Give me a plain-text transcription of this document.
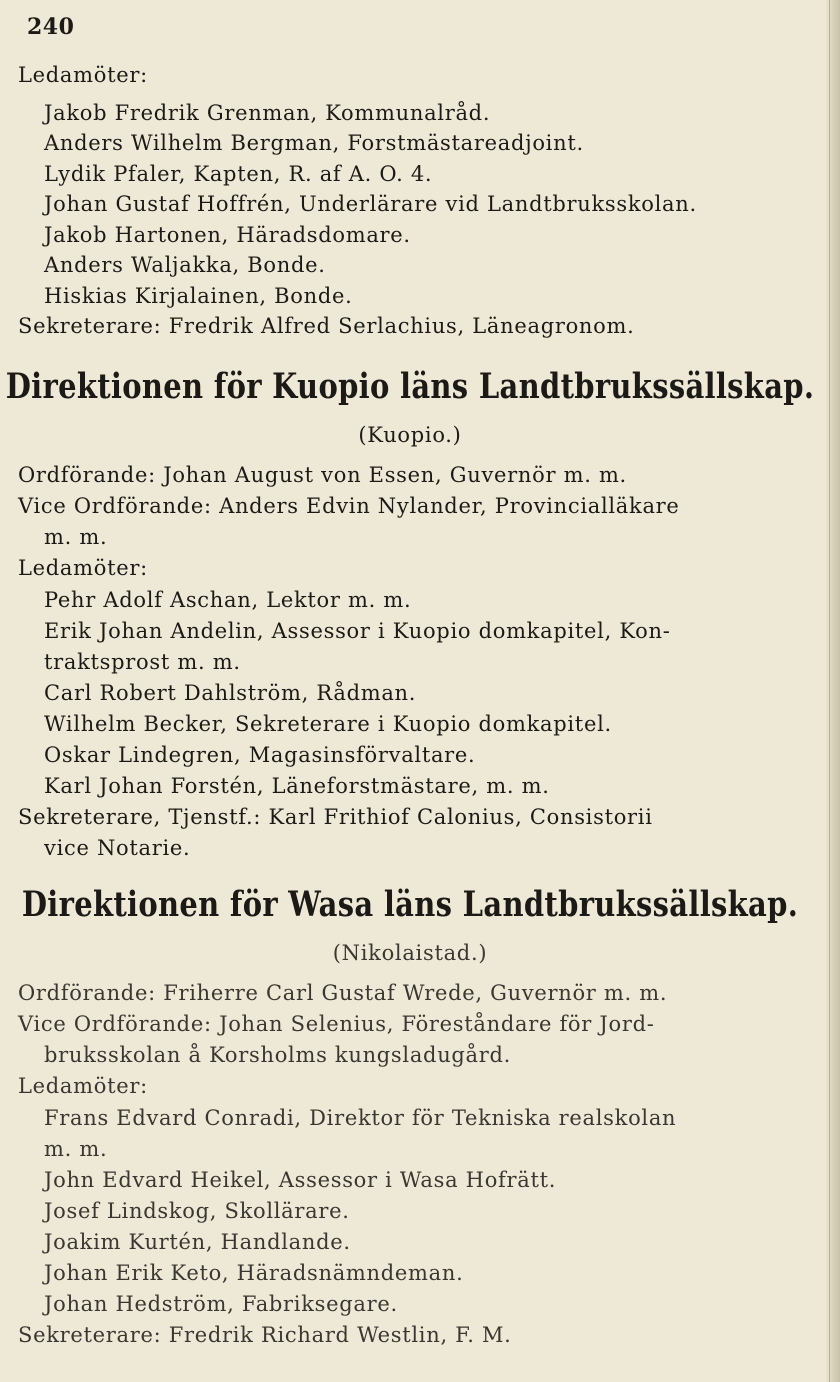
240
Ledamöter:
Jakob Fredrik Grenman, Kommunalråd.
Anders Wilhelm Bergman, Forstmästareadjoint.
Lydik Pfaler, Kapten, R. af A. O. 4.
Johan Gustaf Hoffrén, Underlärare vid Landtbruksskolan.
Jakob Hartonen, Häradsdomare.
Anders Waljakka, Bonde.
Hiskias Kirjalainen, Bonde.
Sekreterare: Fredrik Alfred Serlachius, Läneagronom.
Direktionen för Kuopio läns Landtbrukssällskap.
(Kuopio.)
Ordförande: Johan August von Essen, Guvernör m. m.
Vice Ordförande: Anders Edvin Nylander, Provincialläkare
m. m.
Ledamöter:
Pehr Adolf Aschan, Lektor m. m.
Erik Johan Andelin, Assessor i Kuopio domkapitel, Kon-
traktsprost m. m.
Carl Robert Dahlström, Rådman.
Wilhelm Becker, Sekreterare i Kuopio domkapitel.
Oskar Lindegren, Magasinsförvaltare.
Karl Johan Forstén, Läneforstmästare, m. m.
Sekreterare, Tjenstf.: Karl Frithiof Calonius, Consistorii
vice Notarie.
Direktionen för Wasa läns Landtbrukssällskap.
(Nikolaistad.)
Ordförande: Friherre Carl Gustaf Wrede, Guvernör m. m.
Vice Ordförande: Johan Selenius, Föreståndare för Jord-
bruksskolan å Korsholms kungsladugård.
Ledamöter:
Frans Edvard Conradi, Direktor för Tekniska realskolan
m. m.
John Edvard Heikel, Assessor i Wasa Hofrätt.
Josef Lindskog, Skollärare.
Joakim Kurtén, Handlande.
Johan Erik Keto, Häradsnämndeman.
Johan Hedström, Fabriksegare.
Sekreterare: Fredrik Richard Westlin, F. M.
